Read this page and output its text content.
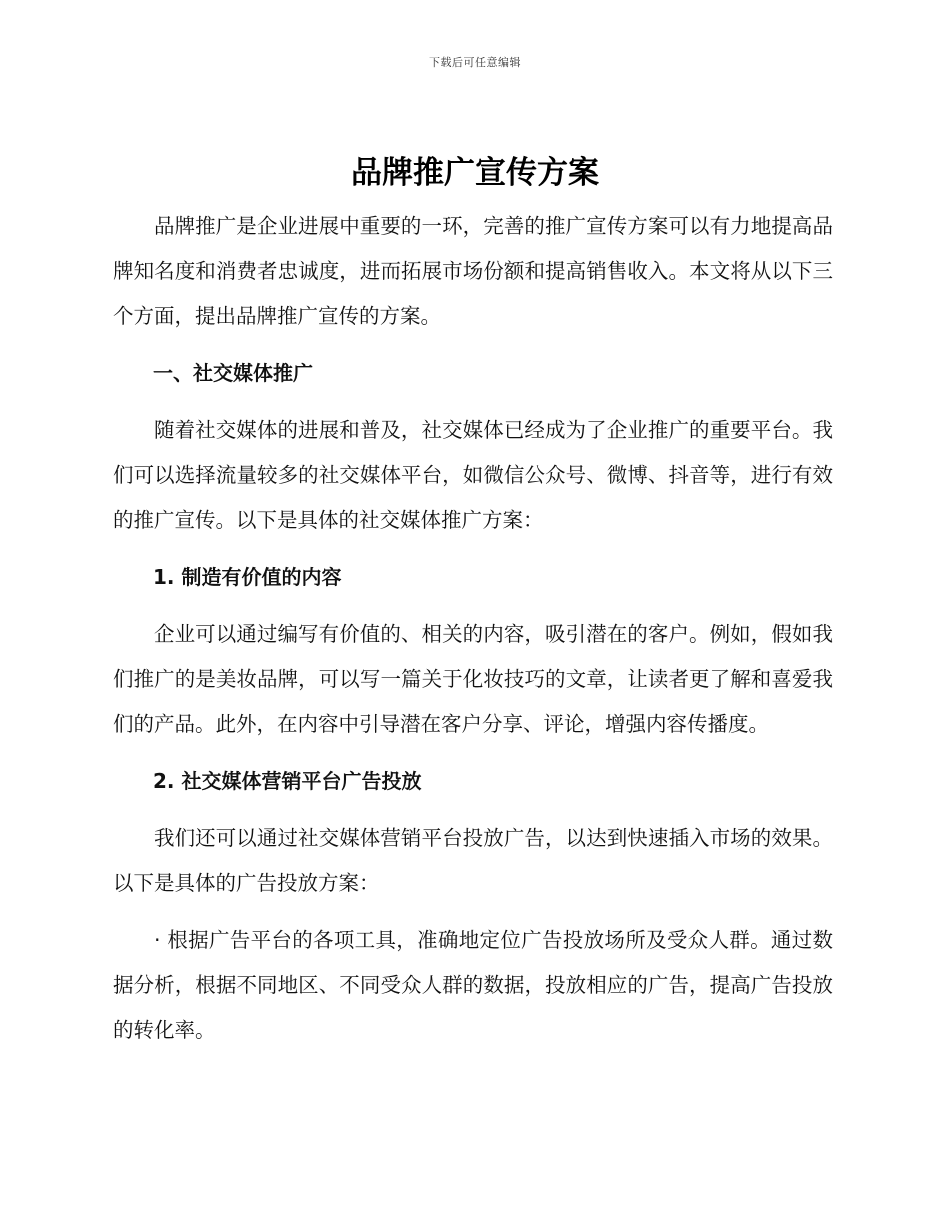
下载后可任意编辑
品牌推广宣传方案

品牌推广是企业进展中重要的一环，完善的推广宣传方案可以有力地提高品牌知名度和消费者忠诚度，进而拓展市场份额和提高销售收入。本文将从以下三个方面，提出品牌推广宣传的方案。

一、社交媒体推广

随着社交媒体的进展和普及，社交媒体已经成为了企业推广的重要平台。我们可以选择流量较多的社交媒体平台，如微信公众号、微博、抖音等，进行有效的推广宣传。以下是具体的社交媒体推广方案：

1. 制造有价值的内容

企业可以通过编写有价值的、相关的内容，吸引潜在的客户。例如，假如我们推广的是美妆品牌，可以写一篇关于化妆技巧的文章，让读者更了解和喜爱我们的产品。此外，在内容中引导潜在客户分享、评论，增强内容传播度。

2. 社交媒体营销平台广告投放

我们还可以通过社交媒体营销平台投放广告，以达到快速插入市场的效果。以下是具体的广告投放方案：

· 根据广告平台的各项工具，准确地定位广告投放场所及受众人群。通过数据分析，根据不同地区、不同受众人群的数据，投放相应的广告，提高广告投放的转化率。
